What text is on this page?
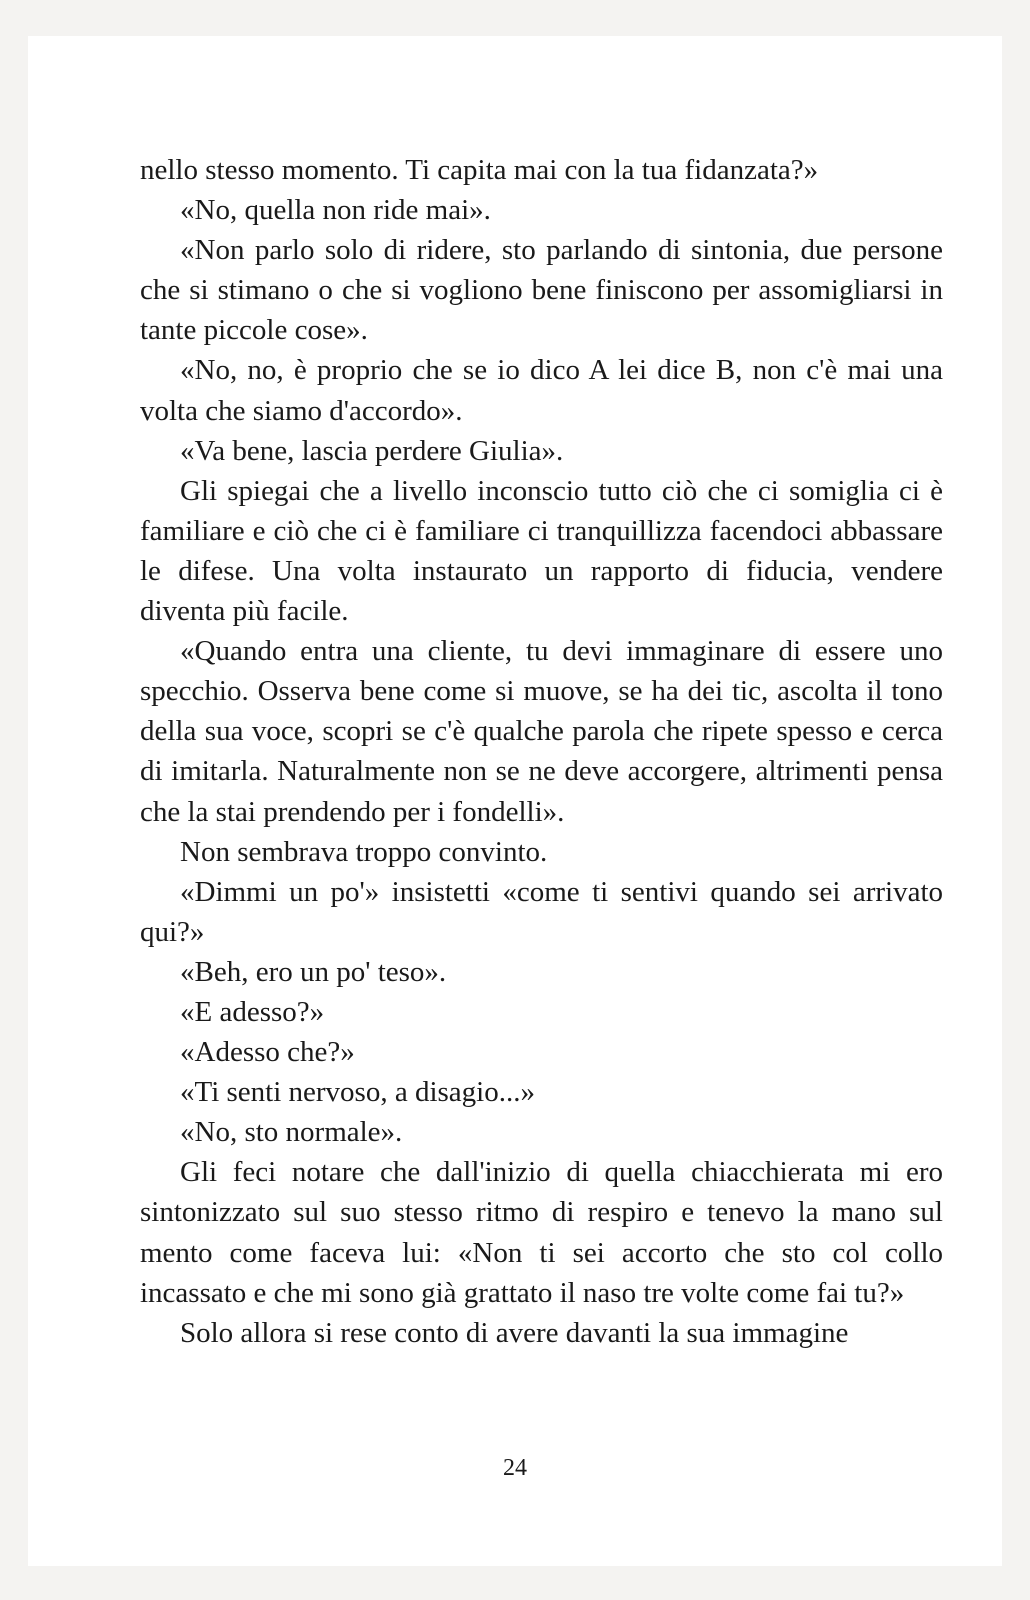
nello stesso momento. Ti capita mai con la tua fidanzata?»

«No, quella non ride mai».

«Non parlo solo di ridere, sto parlando di sintonia, due persone che si stimano o che si vogliono bene finiscono per assomigliarsi in tante piccole cose».

«No, no, è proprio che se io dico A lei dice B, non c'è mai una volta che siamo d'accordo».

«Va bene, lascia perdere Giulia».

Gli spiegai che a livello inconscio tutto ciò che ci somiglia ci è familiare e ciò che ci è familiare ci tranquillizza facendoci abbassare le difese. Una volta instaurato un rapporto di fiducia, vendere diventa più facile.

«Quando entra una cliente, tu devi immaginare di essere uno specchio. Osserva bene come si muove, se ha dei tic, ascolta il tono della sua voce, scopri se c'è qualche parola che ripete spesso e cerca di imitarla. Naturalmente non se ne deve accorgere, altrimenti pensa che la stai prendendo per i fondelli».

Non sembrava troppo convinto.

«Dimmi un po'» insistetti «come ti sentivi quando sei arrivato qui?»

«Beh, ero un po' teso».

«E adesso?»

«Adesso che?»

«Ti senti nervoso, a disagio...»

«No, sto normale».

Gli feci notare che dall'inizio di quella chiacchierata mi ero sintonizzato sul suo stesso ritmo di respiro e tenevo la mano sul mento come faceva lui: «Non ti sei accorto che sto col collo incassato e che mi sono già grattato il naso tre volte come fai tu?»

Solo allora si rese conto di avere davanti la sua immagine

24
